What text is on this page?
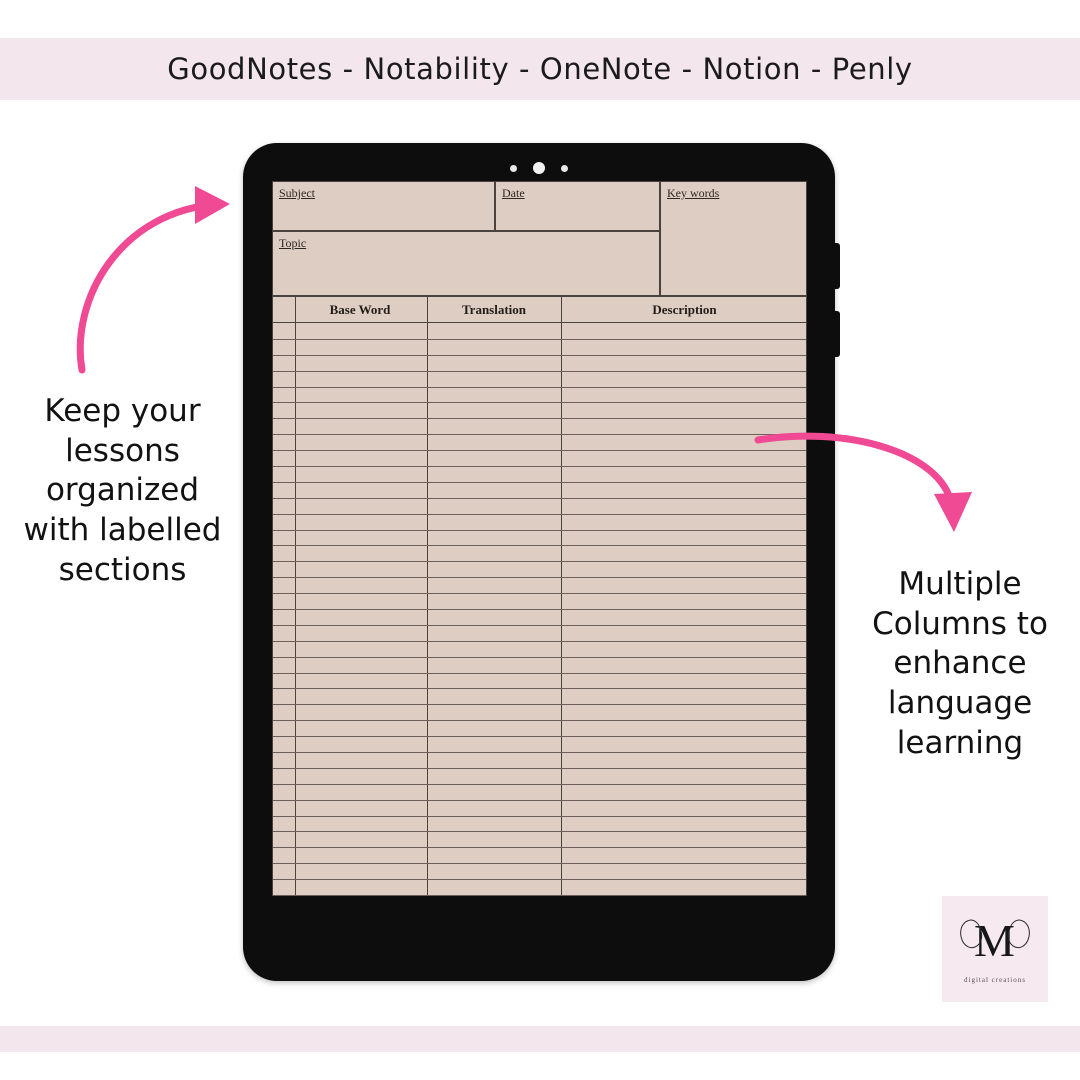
GoodNotes - Notability - OneNote - Notion - Penly
Subject	Date	Key words
Topic
Base Word	Translation	Description
Keep your lessons organized with labelled sections	Multiple Columns to enhance language learning
M
digital creations
